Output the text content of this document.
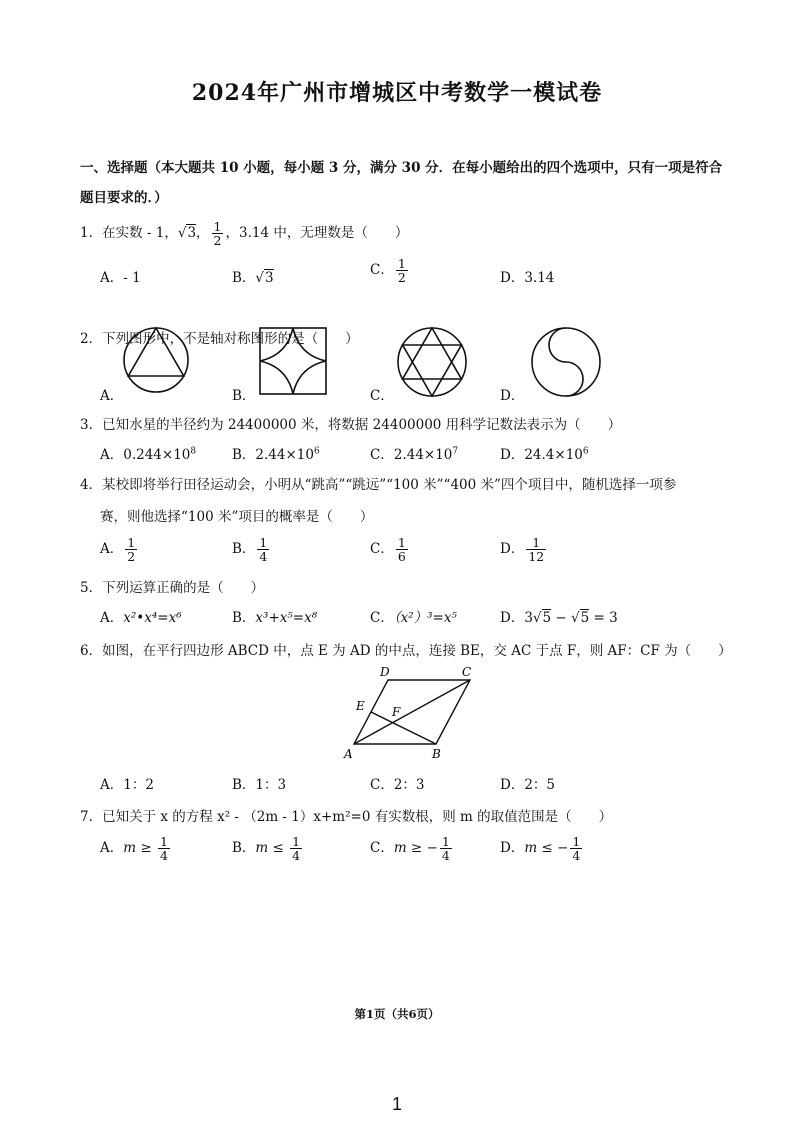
2024年广州市增城区中考数学一模试卷
一、选择题（本大题共 10 小题，每小题 3 分，满分 30 分．在每小题给出的四个选项中，只有一项是符合
题目要求的．）
1．在实数 - 1，√3， $\frac{1}{2}$ ，3.14 中，无理数是（　　）
A．- 1	B．√3	C． $\frac{1}{2}$	D．3.14
2．下列图形中，不是轴对称图形的是（　　）
A．	B．	C．	D．
3．已知水星的半径约为 24400000 米，将数据 24400000 用科学记数法表示为（　　）
A．$0.244\times 10^8$	B．$2.44\times 10^6$	C．$2.44\times 10^7$	D．$24.4\times 10^6$
4．某校即将举行田径运动会，小明从“跳高”“跳远”“100 米”“400 米”四个项目中，随机选择一项参
赛，则他选择“100 米”项目的概率是（　　）
A． $\frac{1}{2}$	B． $\frac{1}{4}$	C． $\frac{1}{6}$	D． $\frac{1}{12}$
5．下列运算正确的是（　　）
A．x²•x⁴=x⁶	B．x³+x⁵=x⁸	C．（x²）³=x⁵	D．3√5 − √5 = 3
6．如图，在平行四边形 ABCD 中，点 E 为 AD 的中点，连接 BE，交 AC 于点 F，则 AF：CF 为（　　）
A	B
C
D
E F
A．1：2	B．1：3	C．2：3	D．2：5
7．已知关于 x 的方程 x² - （2m - 1）x+m²=0 有实数根，则 m 的取值范围是（　　）
A．$m \ge \frac{1}{4}$	B．$m \le \frac{1}{4}$	C．m ≥ − $\frac{1}{4}$	D．m ≤ − $\frac{1}{4}$
第1页（共6页）
1
